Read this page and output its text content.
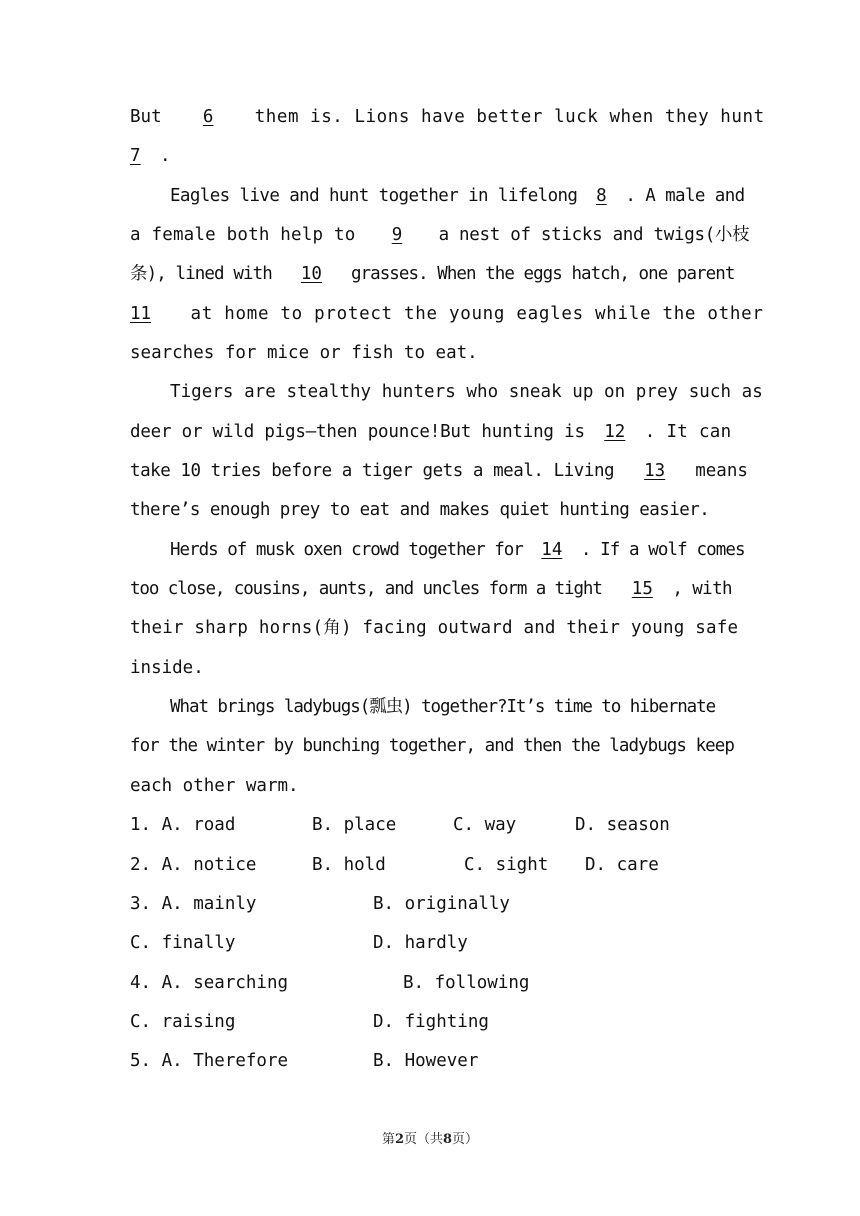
But 6 them is. Lions have better luck when they hunt
7 .
Eagles live and hunt together in lifelong 8 . A male and
a female both help to 9 a nest of sticks and twigs(小枝
条), lined with 10 grasses. When the eggs hatch, one parent
11 at home to protect the young eagles while the other
searches for mice or fish to eat.
Tigers are stealthy hunters who sneak up on prey such as
deer or wild pigs—then pounce!But hunting is 12 . It can
take 10 tries before a tiger gets a meal. Living 13 means
there’s enough prey to eat and makes quiet hunting easier.
Herds of musk oxen crowd together for 14 . If a wolf comes
too close, cousins, aunts, and uncles form a tight 15 , with
their sharp horns(角) facing outward and their young safe
inside.
What brings ladybugs(瓢虫) together?It’s time to hibernate
for the winter by bunching together, and then the ladybugs keep
each other warm.
1. A. road	B. place	C. way	D. season
2. A. notice	B. hold	C. sight D. care
3. A. mainly	B. originally
C. finally	D. hardly
4. A. searching	B. following
C. raising	D. fighting
5. A. Therefore	B. However
第2页（共8页）
